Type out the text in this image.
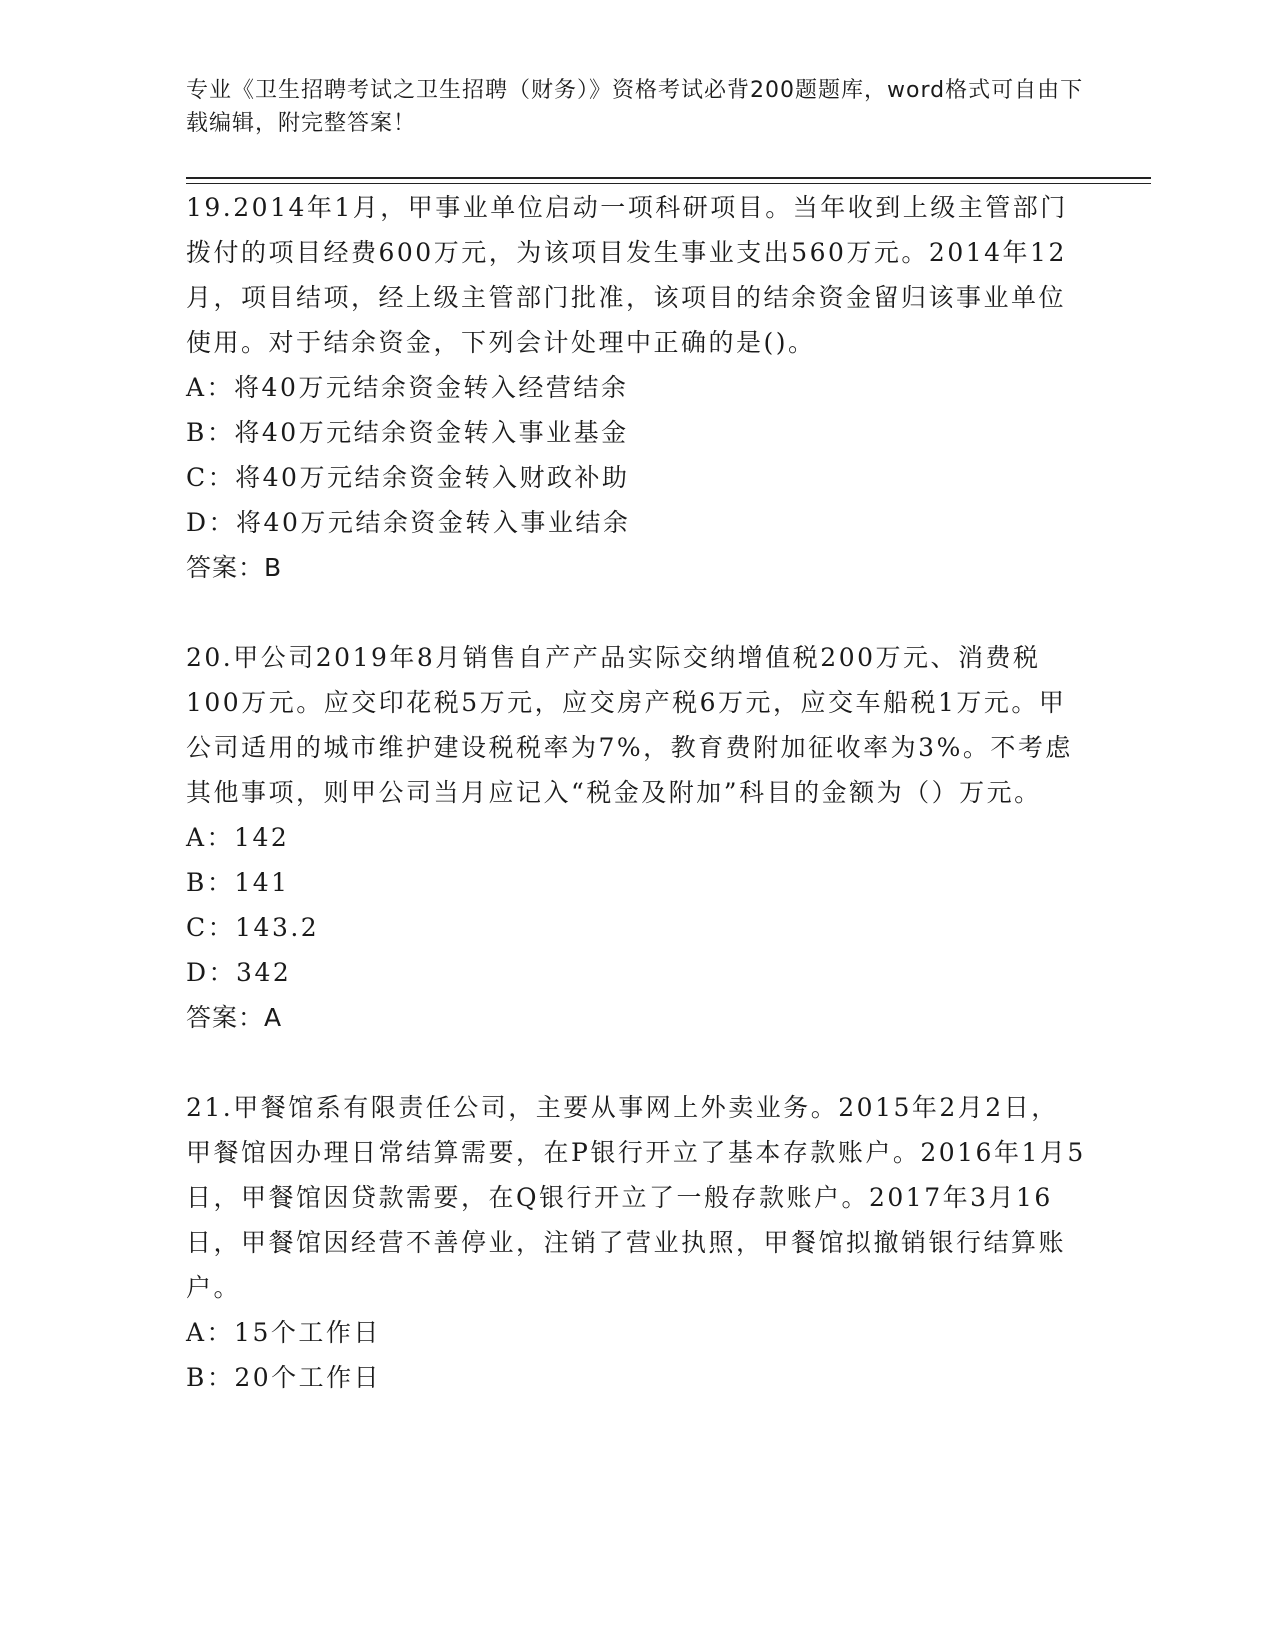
专业《卫生招聘考试之卫生招聘（财务）》资格考试必背200题题库，word格式可自由下载编辑，附完整答案！

19.2014年1月，甲事业单位启动一项科研项目。当年收到上级主管部门拨付的项目经费600万元，为该项目发生事业支出560万元。2014年12月，项目结项，经上级主管部门批准，该项目的结余资金留归该事业单位使用。对于结余资金，下列会计处理中正确的是()。

A：将40万元结余资金转入经营结余
B：将40万元结余资金转入事业基金
C：将40万元结余资金转入财政补助
D：将40万元结余资金转入事业结余

答案：B

20.甲公司2019年8月销售自产产品实际交纳增值税200万元、消费税100万元。应交印花税5万元，应交房产税6万元，应交车船税1万元。甲公司适用的城市维护建设税税率为7%，教育费附加征收率为3%。不考虑其他事项，则甲公司当月应记入“税金及附加”科目的金额为（）万元。

A：142
B：141
C：143.2
D：342

答案：A

21.甲餐馆系有限责任公司，主要从事网上外卖业务。2015年2月2日，甲餐馆因办理日常结算需要，在P银行开立了基本存款账户。2016年1月5日，甲餐馆因贷款需要，在Q银行开立了一般存款账户。2017年3月16日，甲餐馆因经营不善停业，注销了营业执照，甲餐馆拟撤销银行结算账户。

A：15个工作日
B：20个工作日
